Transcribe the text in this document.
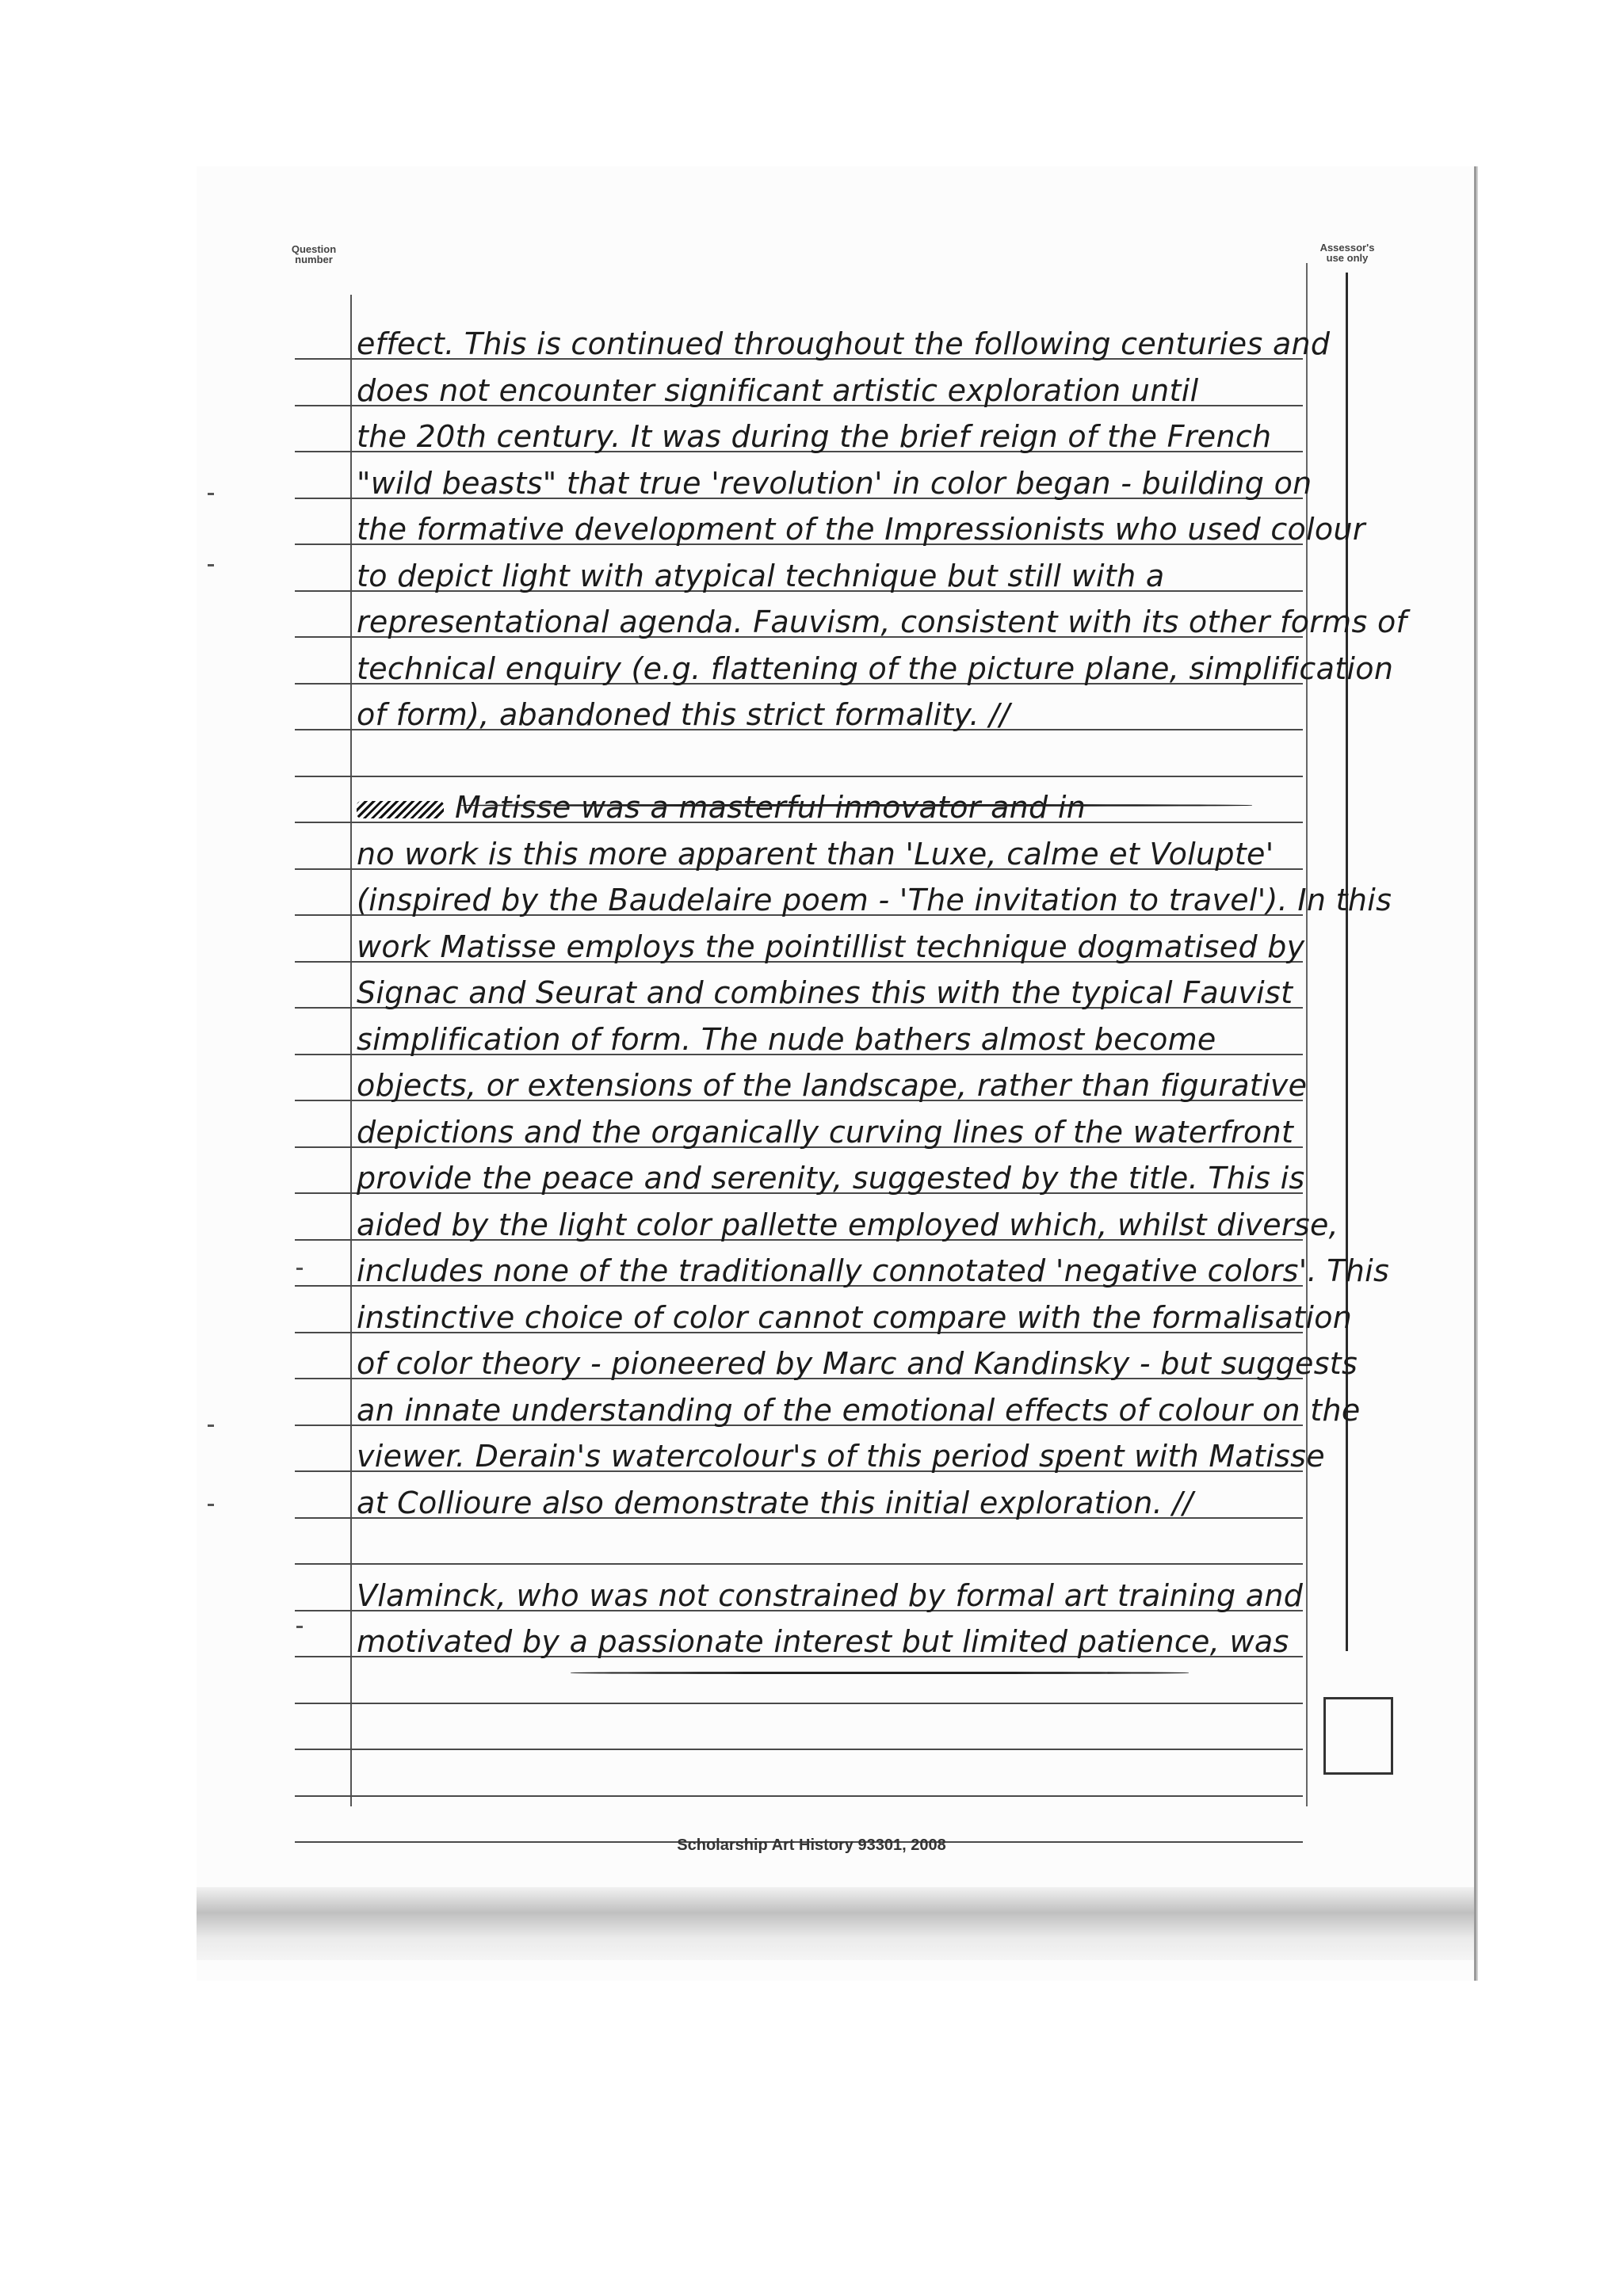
Question number
Assessor's use only
effect. This is continued throughout the following centuries and
does not encounter significant artistic exploration until
the 20th century. It was during the brief reign of the French
"wild beasts" that true 'revolution' in color began - building on
the formative development of the Impressionists who used colour
to depict light with atypical technique but still with a
representational agenda. Fauvism, consistent with its other forms of
technical enquiry (e.g. flattening of the picture plane, simplification
of form), abandoned this strict formality. //
Matisse was a masterful innovator and in
no work is this more apparent than 'Luxe, calme et Volupte'
(inspired by the Baudelaire poem - 'The invitation to travel'). In this
work Matisse employs the pointillist technique dogmatised by
Signac and Seurat and combines this with the typical Fauvist
simplification of form. The nude bathers almost become
objects, or extensions of the landscape, rather than figurative
depictions and the organically curving lines of the waterfront
provide the peace and serenity, suggested by the title. This is
aided by the light color pallette employed which, whilst diverse,
includes none of the traditionally connotated 'negative colors'. This
instinctive choice of color cannot compare with the formalisation
of color theory - pioneered by Marc and Kandinsky - but suggests
an innate understanding of the emotional effects of colour on the
viewer. Derain's watercolour's of this period spent with Matisse
at Collioure also demonstrate this initial exploration. //
Vlaminck, who was not constrained by formal art training and
motivated by a passionate interest but limited patience, was
Scholarship Art History 93301, 2008
